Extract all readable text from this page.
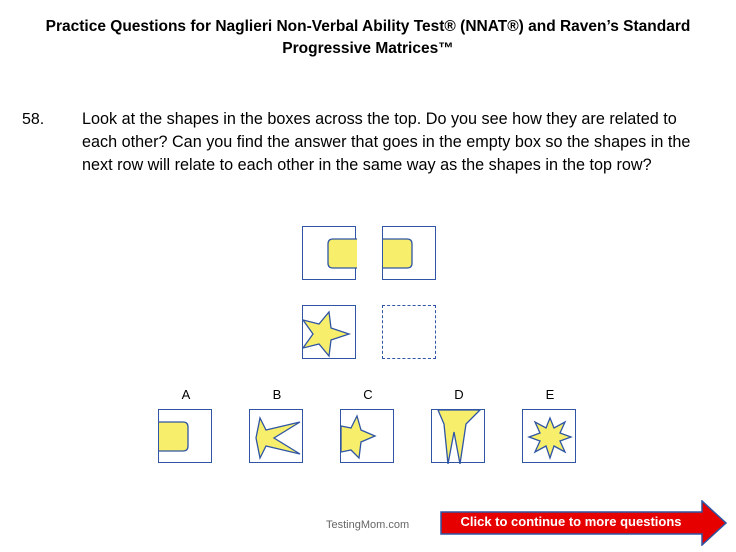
Practice Questions for Naglieri Non-Verbal Ability Test® (NNAT®) and Raven’s Standard Progressive Matrices™
58. Look at the shapes in the boxes across the top. Do you see how they are related to each other? Can you find the answer that goes in the empty box so the shapes in the next row will relate to each other in the same way as the shapes in the top row?
A	B	C	D	E
TestingMom.com	Click to continue to more questions
